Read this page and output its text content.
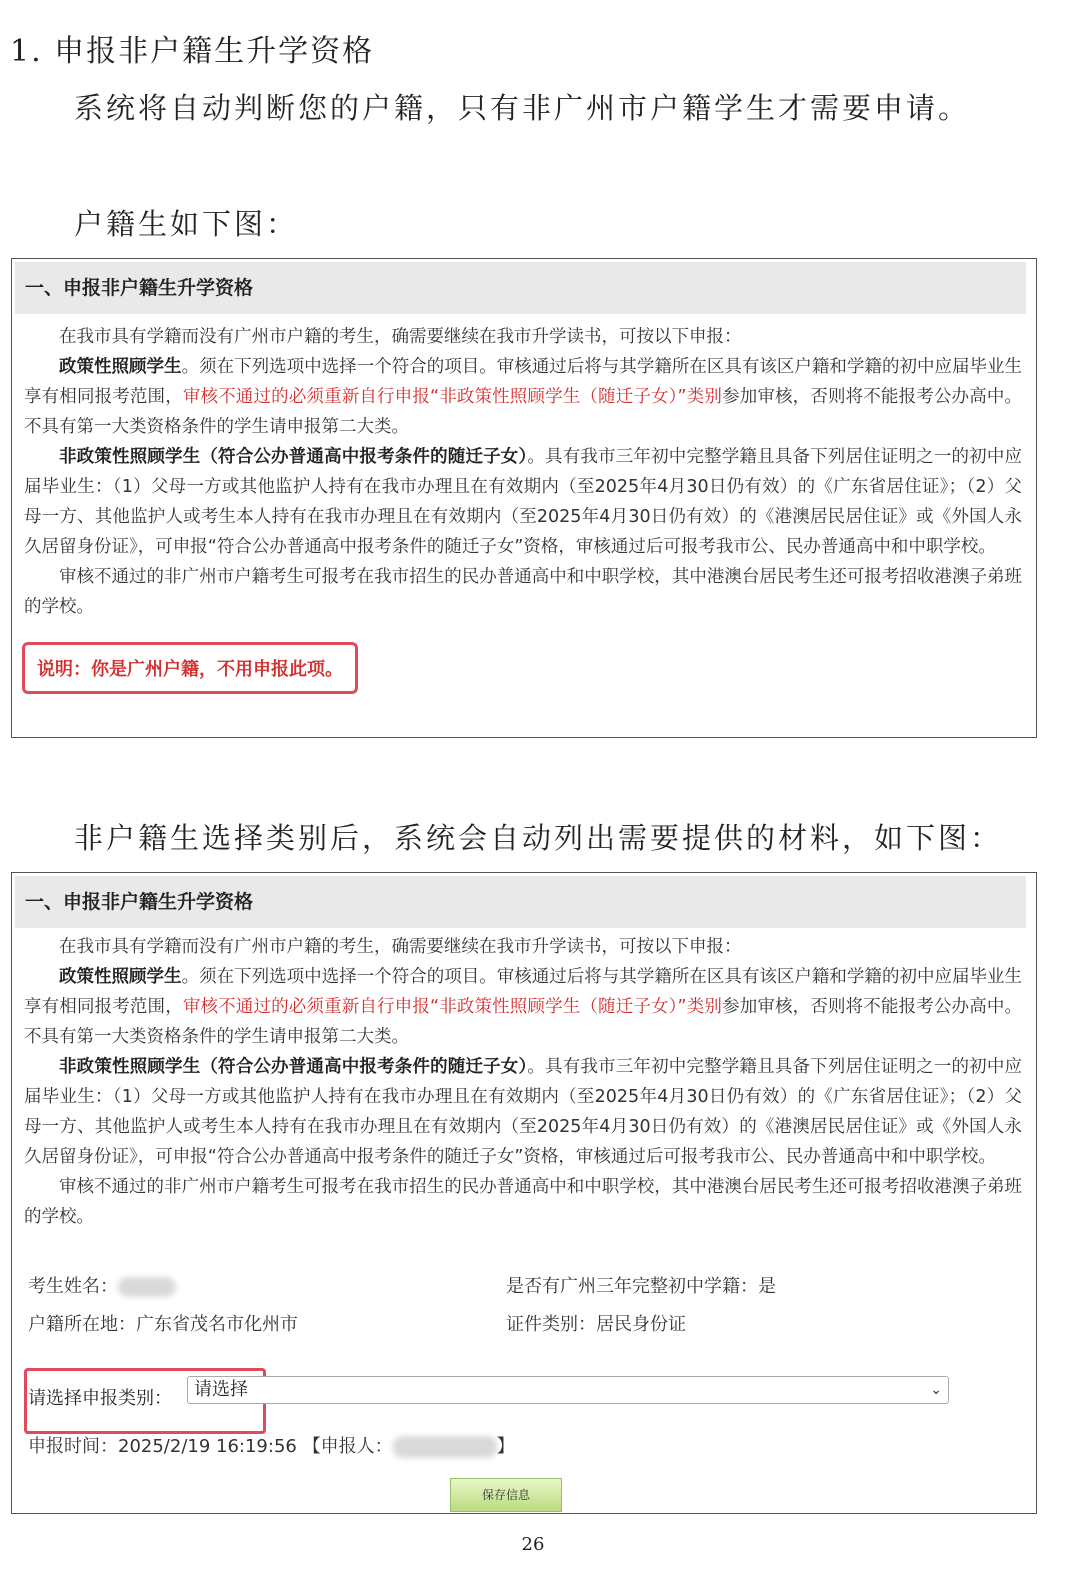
1. 申报非户籍生升学资格
系统将自动判断您的户籍，只有非广州市户籍学生才需要申请。
户籍生如下图：
一、申报非户籍生升学资格

在我市具有学籍而没有广州市户籍的考生，确需要继续在我市升学读书，可按以下申报：

政策性照顾学生。须在下列选项中选择一个符合的项目。审核通过后将与其学籍所在区具有该区户籍和学籍的初中应届毕业生享有相同报考范围，审核不通过的必须重新自行申报“非政策性照顾学生（随迁子女）”类别参加审核，否则将不能报考公办高中。不具有第一大类资格条件的学生请申报第二大类。

非政策性照顾学生（符合公办普通高中报考条件的随迁子女）。具有我市三年初中完整学籍且具备下列居住证明之一的初中应届毕业生：（1）父母一方或其他监护人持有在我市办理且在有效期内（至2025年4月30日仍有效）的《广东省居住证》；（2）父母一方、其他监护人或考生本人持有在我市办理且在有效期内（至2025年4月30日仍有效）的《港澳居民居住证》或《外国人永久居留身份证》，可申报“符合公办普通高中报考条件的随迁子女”资格，审核通过后可报考我市公、民办普通高中和中职学校。

审核不通过的非广州市户籍考生可报考在我市招生的民办普通高中和中职学校，其中港澳台居民考生还可报考招收港澳子弟班的学校。

说明：你是广州户籍，不用申报此项。
非户籍生选择类别后，系统会自动列出需要提供的材料，如下图：
一、申报非户籍生升学资格

在我市具有学籍而没有广州市户籍的考生，确需要继续在我市升学读书，可按以下申报：

政策性照顾学生。须在下列选项中选择一个符合的项目。审核通过后将与其学籍所在区具有该区户籍和学籍的初中应届毕业生享有相同报考范围，审核不通过的必须重新自行申报“非政策性照顾学生（随迁子女）”类别参加审核，否则将不能报考公办高中。不具有第一大类资格条件的学生请申报第二大类。

非政策性照顾学生（符合公办普通高中报考条件的随迁子女）。具有我市三年初中完整学籍且具备下列居住证明之一的初中应届毕业生：（1）父母一方或其他监护人持有在我市办理且在有效期内（至2025年4月30日仍有效）的《广东省居住证》；（2）父母一方、其他监护人或考生本人持有在我市办理且在有效期内（至2025年4月30日仍有效）的《港澳居民居住证》或《外国人永久居留身份证》，可申报“符合公办普通高中报考条件的随迁子女”资格，审核通过后可报考我市公、民办普通高中和中职学校。

审核不通过的非广州市户籍考生可报考在我市招生的民办普通高中和中职学校，其中港澳台居民考生还可报考招收港澳子弟班的学校。

考生姓名：	是否有广州三年完整初中学籍：是
户籍所在地：广东省茂名市化州市	证件类别：居民身份证
请选择申报类别：	请选择	⌄
申报时间：2025/2/19 16:19:56 【申报人：	】
保存信息
26
